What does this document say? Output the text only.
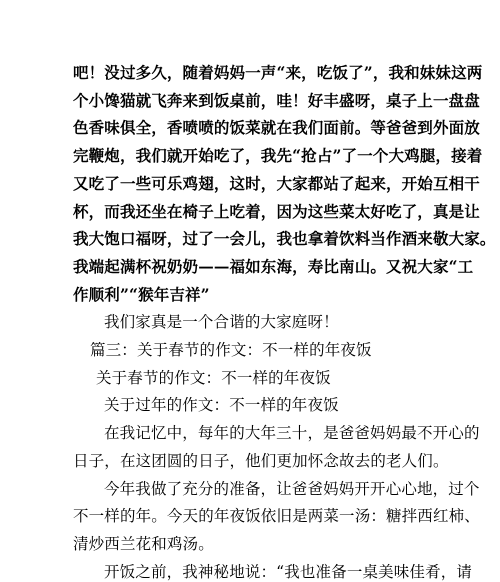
吧！没过多久，随着妈妈一声“来，吃饭了”，我和妹妹这两
个小馋猫就飞奔来到饭桌前，哇！好丰盛呀，桌子上一盘盘
色香味俱全，香喷喷的饭菜就在我们面前。等爸爸到外面放
完鞭炮，我们就开始吃了，我先“抢占”了一个大鸡腿，接着
又吃了一些可乐鸡翅，这时，大家都站了起来，开始互相干
杯，而我还坐在椅子上吃着，因为这些菜太好吃了，真是让
我大饱口福呀，过了一会儿，我也拿着饮料当作酒来敬大家。
我端起满杯祝奶奶——福如东海，寿比南山。又祝大家“工
作顺利”“猴年吉祥”
我们家真是一个合谐的大家庭呀！
篇三：关于春节的作文：不一样的年夜饭
关于春节的作文：不一样的年夜饭
关于过年的作文：不一样的年夜饭
在我记忆中，每年的大年三十，是爸爸妈妈最不开心的
日子，在这团圆的日子，他们更加怀念故去的老人们。
今年我做了充分的准备，让爸爸妈妈开开心心地，过个
不一样的年。今天的年夜饭依旧是两菜一汤：糖拌西红柿、
清炒西兰花和鸡汤。
开饭之前，我神秘地说：“我也准备一桌美味佳肴，请
